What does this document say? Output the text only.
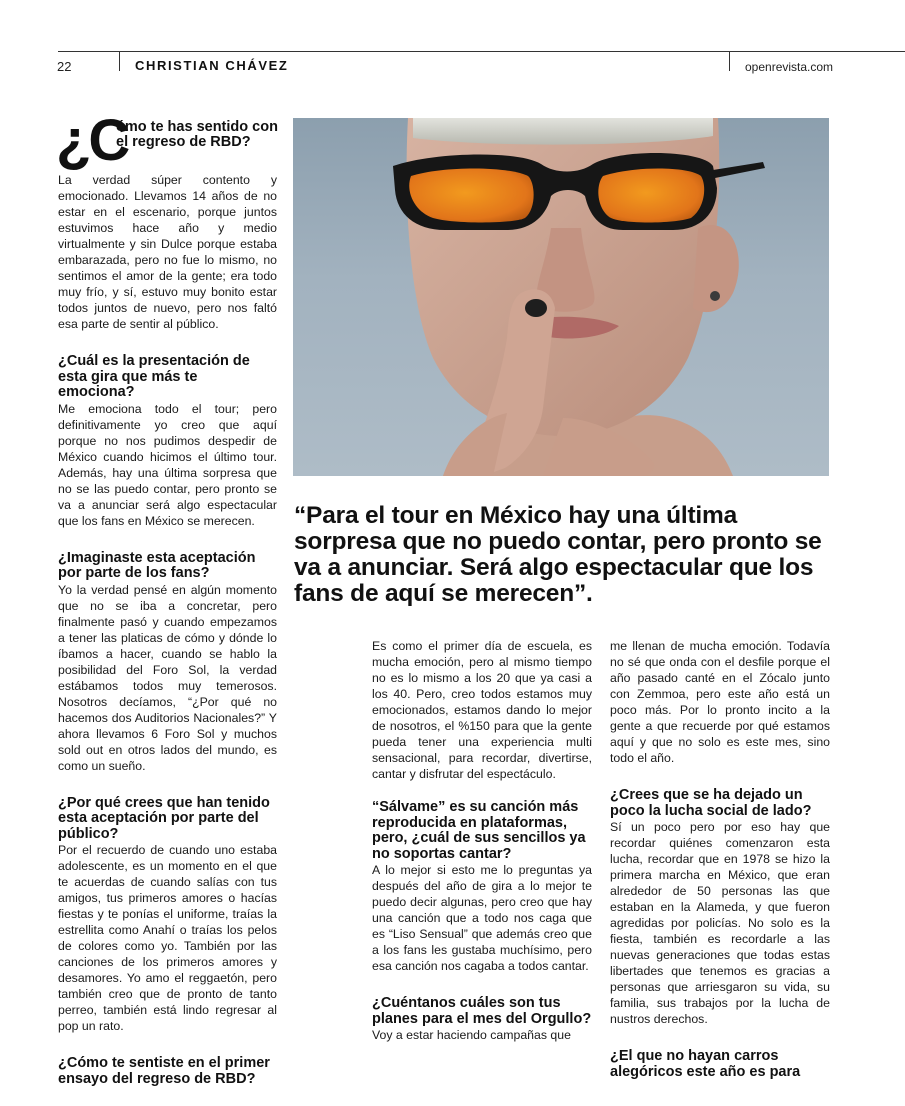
22	CHRISTIAN CHÁVEZ	openrevista.com
¿C
ómo te has sentido con el regreso de RBD?

La verdad súper contento y emocionado. Llevamos 14 años de no estar en el escenario, porque juntos estuvimos hace año y medio virtualmente y sin Dulce porque estaba embarazada, pero no fue lo mismo, no sentimos el amor de la gente; era todo muy frío, y sí, estuvo muy bonito estar todos juntos de nuevo, pero nos faltó esa parte de sentir al público.

¿Cuál es la presentación de esta gira que más te emociona?

Me emociona todo el tour; pero definitivamente yo creo que aquí porque no nos pudimos despedir de México cuando hicimos el último tour. Además, hay una última sorpresa que no se las puedo contar, pero pronto se va a anunciar será algo espectacular que los fans en México se merecen.

¿Imaginaste esta aceptación por parte de los fans?

Yo la verdad pensé en algún momento que no se iba a concretar, pero finalmente pasó y cuando empezamos a tener las platicas de cómo y dónde lo íbamos a hacer, cuando se hablo la posibilidad del Foro Sol, la verdad estábamos todos muy temerosos. Nosotros decíamos, “¿Por qué no hacemos dos Auditorios Nacionales?” Y ahora llevamos 6 Foro Sol y muchos sold out en otros lados del mundo, es como un sueño.

¿Por qué crees que han tenido esta aceptación por parte del público?

Por el recuerdo de cuando uno estaba adolescente, es un momento en el que te acuerdas de cuando salías con tus amigos, tus primeros amores o hacías fiestas y te ponías el uniforme, traías la estrellita como Anahí o traías los pelos de colores como yo. También por las canciones de los primeros amores y desamores. Yo amo el reggaetón, pero también creo que de pronto de tanto perreo, también está lindo regresar al pop un rato.

¿Cómo te sentiste en el primer ensayo del regreso de RBD?

“Para el tour en México hay una última sorpresa que no puedo contar, pero pronto se va a anunciar. Será algo espectacular que los fans de aquí se merecen”.

Es como el primer día de escuela, es mucha emoción, pero al mismo tiempo no es lo mismo a los 20 que ya casi a los 40. Pero, creo todos estamos muy emocionados, estamos dando lo mejor de nosotros, el %150 para que la gente pueda tener una experiencia multi sensacional, para recordar, divertirse, cantar y disfrutar del espectáculo.

“Sálvame” es su canción más reproducida en plataformas, pero, ¿cuál de sus sencillos ya no soportas cantar?

A lo mejor si esto me lo preguntas ya después del año de gira a lo mejor te puedo decir algunas, pero creo que hay una canción que a todo nos caga que es “Liso Sensual” que además creo que a los fans les gustaba muchísimo, pero esa canción nos cagaba a todos cantar.

¿Cuéntanos cuáles son tus planes para el mes del Orgullo?

Voy a estar haciendo campañas que

me llenan de mucha emoción. Todavía no sé que onda con el desfile porque el año pasado canté en el Zócalo junto con Zemmoa, pero este año está un poco más. Por lo pronto incito a la gente a que recuerde por qué estamos aquí y que no solo es este mes, sino todo el año.

¿Crees que se ha dejado un poco la lucha social de lado?

Sí un poco pero por eso hay que recordar quiénes comenzaron esta lucha, recordar que en 1978 se hizo la primera marcha en México, que eran alrededor de 50 personas las que estaban en la Alameda, y que fueron agredidas por policías. No solo es la fiesta, también es recordarle a las nuevas generaciones que todas estas libertades que tenemos es gracias a personas que arriesgaron su vida, su familia, sus trabajos por la lucha de nustros derechos.

¿El que no hayan carros alegóricos este año es para
